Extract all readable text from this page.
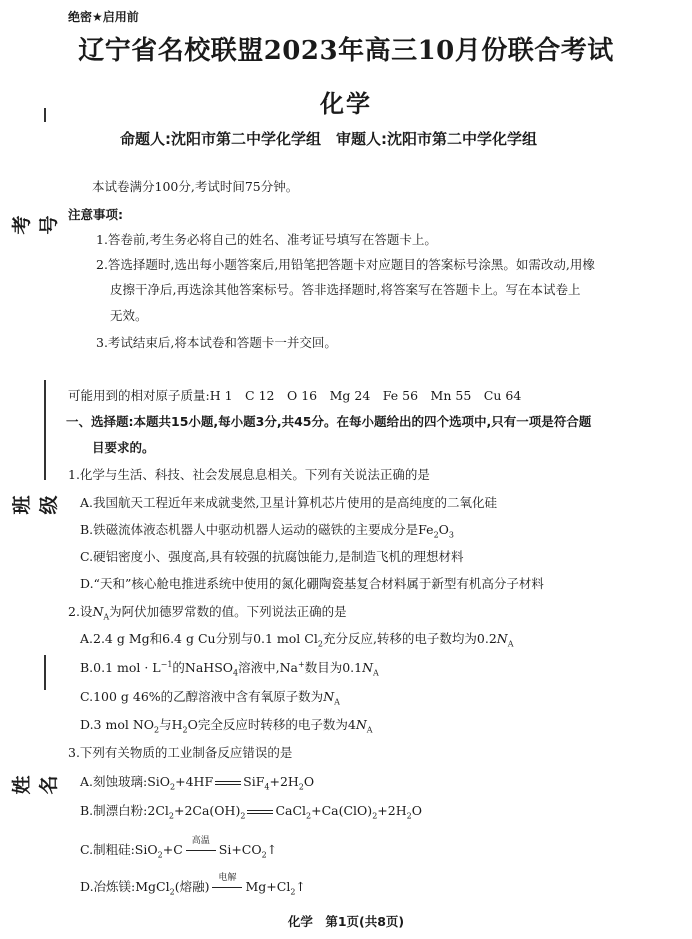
绝密★启用前
辽宁省名校联盟2023年高三10月份联合考试
化学
命题人:沈阳市第二中学化学组　审题人:沈阳市第二中学化学组
考号
班级
姓名
本试卷满分100分,考试时间75分钟。
注意事项:
1.答卷前,考生务必将自己的姓名、准考证号填写在答题卡上。
2.答选择题时,选出每小题答案后,用铅笔把答题卡对应题目的答案标号涂黑。如需改动,用橡
皮擦干净后,再选涂其他答案标号。答非选择题时,将答案写在答题卡上。写在本试卷上
无效。
3.考试结束后,将本试卷和答题卡一并交回。
可能用到的相对原子质量:H 1　C 12　O 16　Mg 24　Fe 56　Mn 55　Cu 64
一、选择题:本题共15小题,每小题3分,共45分。在每小题给出的四个选项中,只有一项是符合题
目要求的。
1.化学与生活、科技、社会发展息息相关。下列有关说法正确的是
A.我国航天工程近年来成就斐然,卫星计算机芯片使用的是高纯度的二氧化硅
B.铁磁流体液态机器人中驱动机器人运动的磁铁的主要成分是$Fe_2O_3$
C.硬铝密度小、强度高,具有较强的抗腐蚀能力,是制造飞机的理想材料
D.“天和”核心舱电推进系统中使用的氮化硼陶瓷基复合材料属于新型有机高分子材料
2.设$N_A$为阿伏加德罗常数的值。下列说法正确的是
A.2.4 g Mg和6.4 g Cu分别与0.1 mol $Cl_2$充分反应,转移的电子数均为$0.2N_A$
B.0.1 mol · $L^{-1}$的NaHSO$_4$溶液中,Na+数目为$0.1N_A$
C.100 g 46%的乙醇溶液中含有氧原子数为$N_A$
D.3 mol $NO_2$与$H_2O$完全反应时转移的电子数为$4N_A$
3.下列有关物质的工业制备反应错误的是
A.刻蚀玻璃:SiO$_2$+4HF $SiF_4+2H_2O$
B.制漂白粉$:2Cl_2+2Ca(OH)_2$ $CaCl_2+Ca(ClO)_2+2H_2O$
C.制粗硅:SiO$_2$+C
高温
$Si+CO_2↑$
D.冶炼镁:MgCl$_2$(熔融)
电解
$Mg+Cl_2↑$
化学　第1页(共8页)
